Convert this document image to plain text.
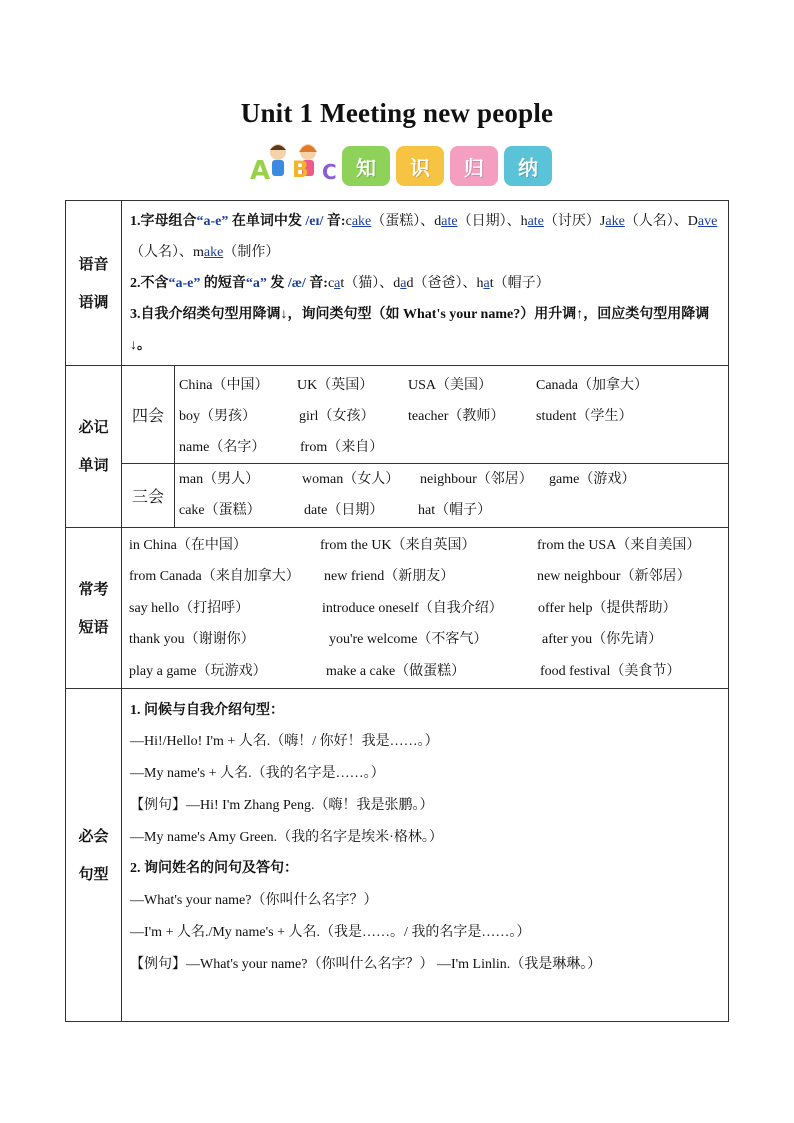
Unit 1 Meeting new people
A B C 知	识	归	纳
语音
语调

1.字母组合“a-e” 在单词中发 /eɪ/ 音:cake（蛋糕）、date（日期）、hate（讨厌）Jake（人名）、Dave（人名）、make（制作）
2.不含“a-e” 的短音“a” 发 /æ/ 音:cat（猫）、dad（爸爸）、hat（帽子）
3.自我介绍类句型用降调↓，询问类句型（如 What's your name?）用升调↑，回应类句型用降调↓。

必记
单词

四会	
China（中国） UK（英国） USA（美国）	Canada（加拿大）
boy（男孩）	girl（女孩） teacher（教师） student（学生）
name（名字） from（来自）

三会	
man（男人）	woman（女人） neighbour（邻居） game（游戏）
cake（蛋糕）	date（日期） hat（帽子）

常考
短语

in China（在中国）	from the UK（来自英国）	from the USA（来自美国）
from Canada（来自加拿大） new friend（新朋友）	new neighbour（新邻居）
say hello（打招呼）	introduce oneself（自我介绍）	offer help（提供帮助）
thank you（谢谢你）	you're welcome（不客气）	after you（你先请）
play a game（玩游戏）	make a cake（做蛋糕）	food festival（美食节）

必会
句型

1. 问候与自我介绍句型：
—Hi!/Hello! I'm + 人名.（嗨！/ 你好！我是……。）
—My name's + 人名.（我的名字是……。）
【例句】—Hi! I'm Zhang Peng.（嗨！我是张鹏。）
—My name's Amy Green.（我的名字是埃米·格林。）
2. 询问姓名的问句及答句：
—What's your name?（你叫什么名字？）
—I'm + 人名./My name's + 人名.（我是……。/ 我的名字是……。）
【例句】—What's your name?（你叫什么名字？） —I'm Linlin.（我是琳琳。）
